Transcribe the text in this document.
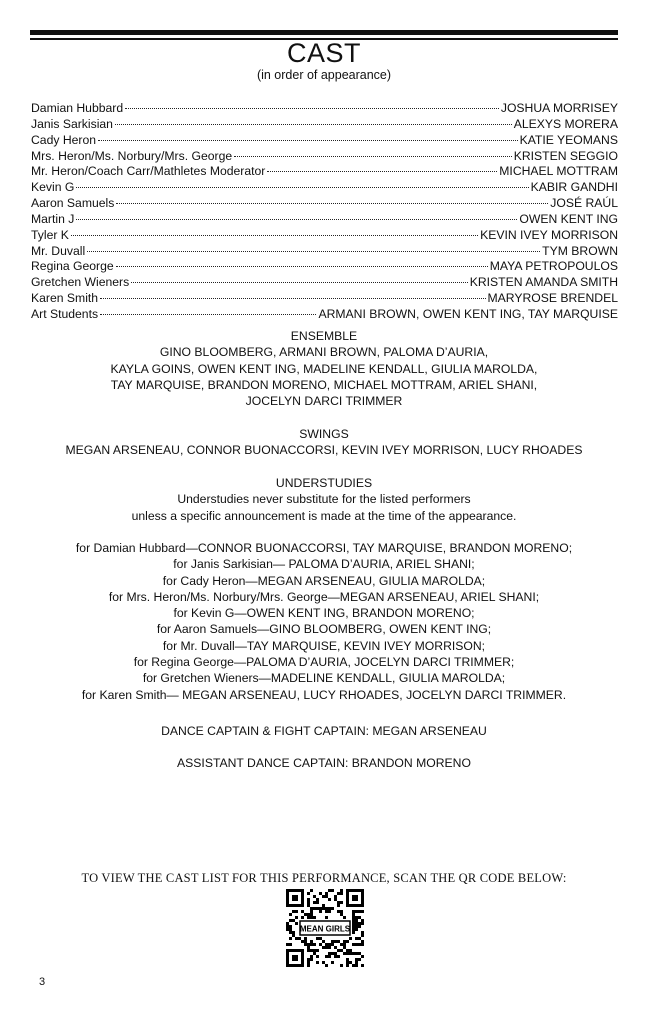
CAST
(in order of appearance)
Damian Hubbard	JOSHUA MORRISEY
Janis Sarkisian	ALEXYS MORERA
Cady Heron	KATIE YEOMANS
Mrs. Heron/Ms. Norbury/Mrs. George	KRISTEN SEGGIO
Mr. Heron/Coach Carr/Mathletes Moderator	MICHAEL MOTTRAM
Kevin G	KABIR GANDHI
Aaron Samuels	JOSÉ RAÚL
Martin J	OWEN KENT ING
Tyler K	KEVIN IVEY MORRISON
Mr. Duvall	TYM BROWN
Regina George	MAYA PETROPOULOS
Gretchen Wieners	KRISTEN AMANDA SMITH
Karen Smith	MARYROSE BRENDEL
Art Students	ARMANI BROWN, OWEN KENT ING, TAY MARQUISE
ENSEMBLE
GINO BLOOMBERG, ARMANI BROWN, PALOMA D’AURIA,
KAYLA GOINS, OWEN KENT ING, MADELINE KENDALL, GIULIA MAROLDA,
TAY MARQUISE, BRANDON MORENO, MICHAEL MOTTRAM, ARIEL SHANI,
JOCELYN DARCI TRIMMER
SWINGS
MEGAN ARSENEAU, CONNOR BUONACCORSI, KEVIN IVEY MORRISON, LUCY RHOADES
UNDERSTUDIES
Understudies never substitute for the listed performers
unless a specific announcement is made at the time of the appearance.
for Damian Hubbard—CONNOR BUONACCORSI, TAY MARQUISE, BRANDON MORENO;
for Janis Sarkisian— PALOMA D’AURIA, ARIEL SHANI;
for Cady Heron—MEGAN ARSENEAU, GIULIA MAROLDA;
for Mrs. Heron/Ms. Norbury/Mrs. George—MEGAN ARSENEAU, ARIEL SHANI;
for Kevin G—OWEN KENT ING, BRANDON MORENO;
for Aaron Samuels—GINO BLOOMBERG, OWEN KENT ING;
for Mr. Duvall—TAY MARQUISE, KEVIN IVEY MORRISON;
for Regina George—PALOMA D’AURIA, JOCELYN DARCI TRIMMER;
for Gretchen Wieners—MADELINE KENDALL, GIULIA MAROLDA;
for Karen Smith— MEGAN ARSENEAU, LUCY RHOADES, JOCELYN DARCI TRIMMER.
DANCE CAPTAIN & FIGHT CAPTAIN: MEGAN ARSENEAU
ASSISTANT DANCE CAPTAIN: BRANDON MORENO
TO VIEW THE CAST LIST FOR THIS PERFORMANCE, SCAN THE QR CODE BELOW:
MEAN GIRLS
3
